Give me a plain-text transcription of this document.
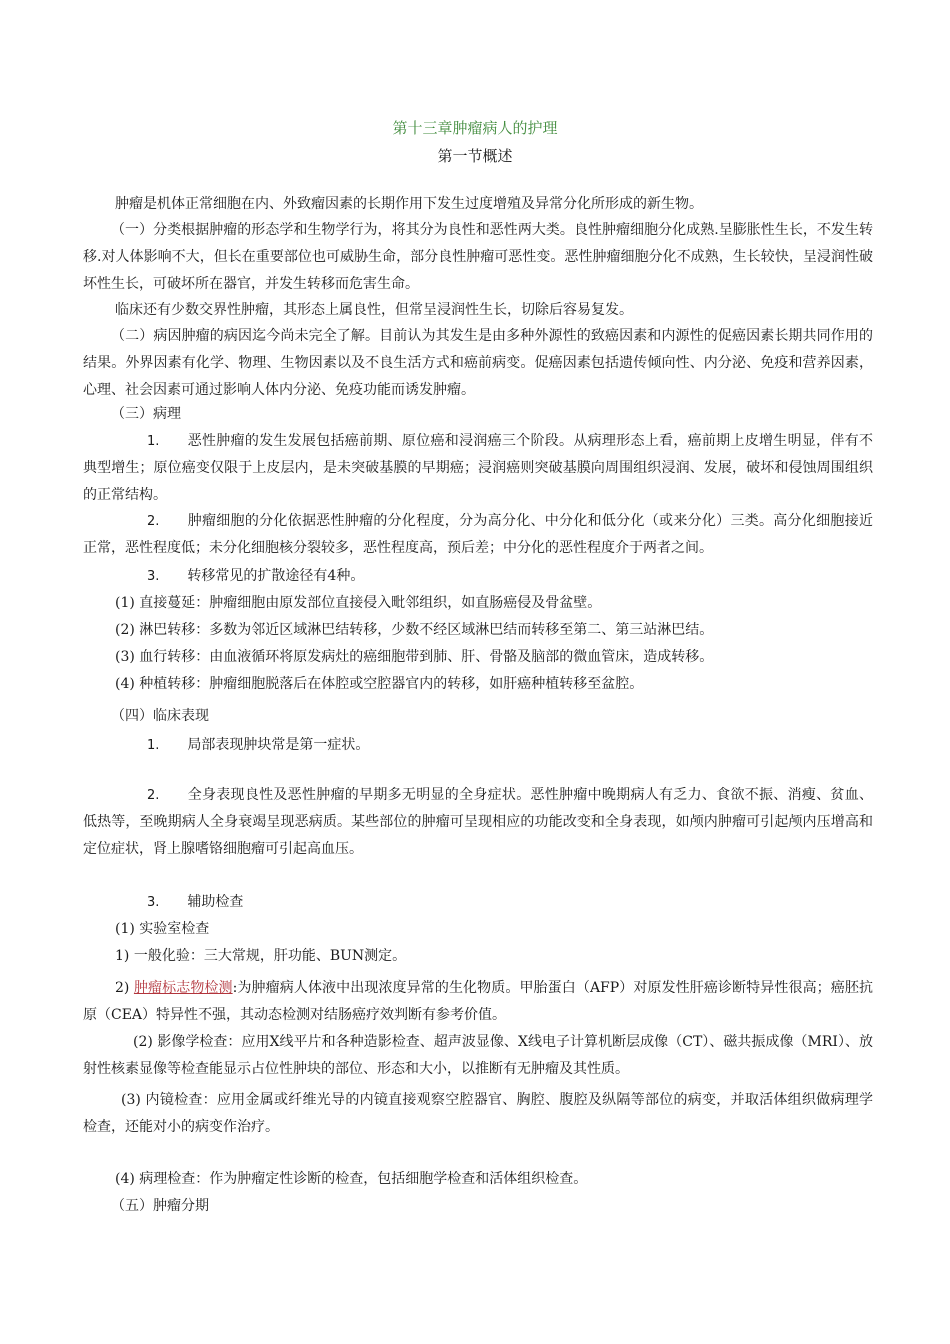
第十三章肿瘤病人的护理
第一节概述

肿瘤是机体正常细胞在内、外致瘤因素的长期作用下发生过度增殖及异常分化所形成的新生物。

（一）分类根据肿瘤的形态学和生物学行为，将其分为良性和恶性两大类。良性肿瘤细胞分化成熟.呈膨胀性生长，不发生转移.对人体影响不大，但长在重要部位也可威胁生命，部分良性肿瘤可恶性变。恶性肿瘤细胞分化不成熟，生长较快，呈浸润性破坏性生长，可破坏所在器官，并发生转移而危害生命。

临床还有少数交界性肿瘤，其形态上属良性，但常呈浸润性生长，切除后容易复发。

（二）病因肿瘤的病因迄今尚未完全了解。目前认为其发生是由多种外源性的致癌因素和内源性的促癌因素长期共同作用的结果。外界因素有化学、物理、生物因素以及不良生活方式和癌前病变。促癌因素包括遗传倾向性、内分泌、免疫和营养因素，心理、社会因素可通过影响人体内分泌、免疫功能而诱发肿瘤。

（三）病理

1. 恶性肿瘤的发生发展包括癌前期、原位癌和浸润癌三个阶段。从病理形态上看，癌前期上皮增生明显，伴有不典型增生；原位癌变仅限于上皮层内，是未突破基膜的早期癌；浸润癌则突破基膜向周围组织浸润、发展，破坏和侵蚀周围组织的正常结构。

2. 肿瘤细胞的分化依据恶性肿瘤的分化程度，分为高分化、中分化和低分化（或来分化）三类。高分化细胞接近正常，恶性程度低；未分化细胞核分裂较多，恶性程度高，预后差；中分化的恶性程度介于两者之间。

3. 转移常见的扩散途径有4种。

(1) 直接蔓延：肿瘤细胞由原发部位直接侵入毗邻组织，如直肠癌侵及骨盆壁。

(2) 淋巴转移：多数为邻近区域淋巴结转移，少数不经区域淋巴结而转移至第二、第三站淋巴结。

(3) 血行转移：由血液循环将原发病灶的癌细胞带到肺、肝、骨骼及脑部的微血管床，造成转移。

(4) 种植转移：肿瘤细胞脱落后在体腔或空腔器官内的转移，如肝癌种植转移至盆腔。

（四）临床表现

1. 局部表现肿块常是第一症状。

2. 全身表现良性及恶性肿瘤的早期多无明显的全身症状。恶性肿瘤中晚期病人有乏力、食欲不振、消瘦、贫血、低热等，至晚期病人全身衰竭呈现恶病质。某些部位的肿瘤可呈现相应的功能改变和全身表现，如颅内肿瘤可引起颅内压增高和定位症状，肾上腺嗜铬细胞瘤可引起高血压。

3. 辅助检查

(1) 实验室检查

1) 一般化验：三大常规，肝功能、BUN测定。

2) 肿瘤标志物检测:为肿瘤病人体液中出现浓度异常的生化物质。甲胎蛋白（AFP）对原发性肝癌诊断特异性很高；癌胚抗原（CEA）特异性不强，其动态检测对结肠癌疗效判断有参考价值。

(2) 影像学检查：应用X线平片和各种造影检查、超声波显像、X线电子计算机断层成像（CT）、磁共振成像（MRI）、放射性核素显像等检查能显示占位性肿块的部位、形态和大小，以推断有无肿瘤及其性质。

(3) 内镜检查：应用金属或纤维光导的内镜直接观察空腔器官、胸腔、腹腔及纵隔等部位的病变，并取活体组织做病理学检查，还能对小的病变作治疗。

(4) 病理检查：作为肿瘤定性诊断的检查，包括细胞学检查和活体组织检查。

（五）肿瘤分期
